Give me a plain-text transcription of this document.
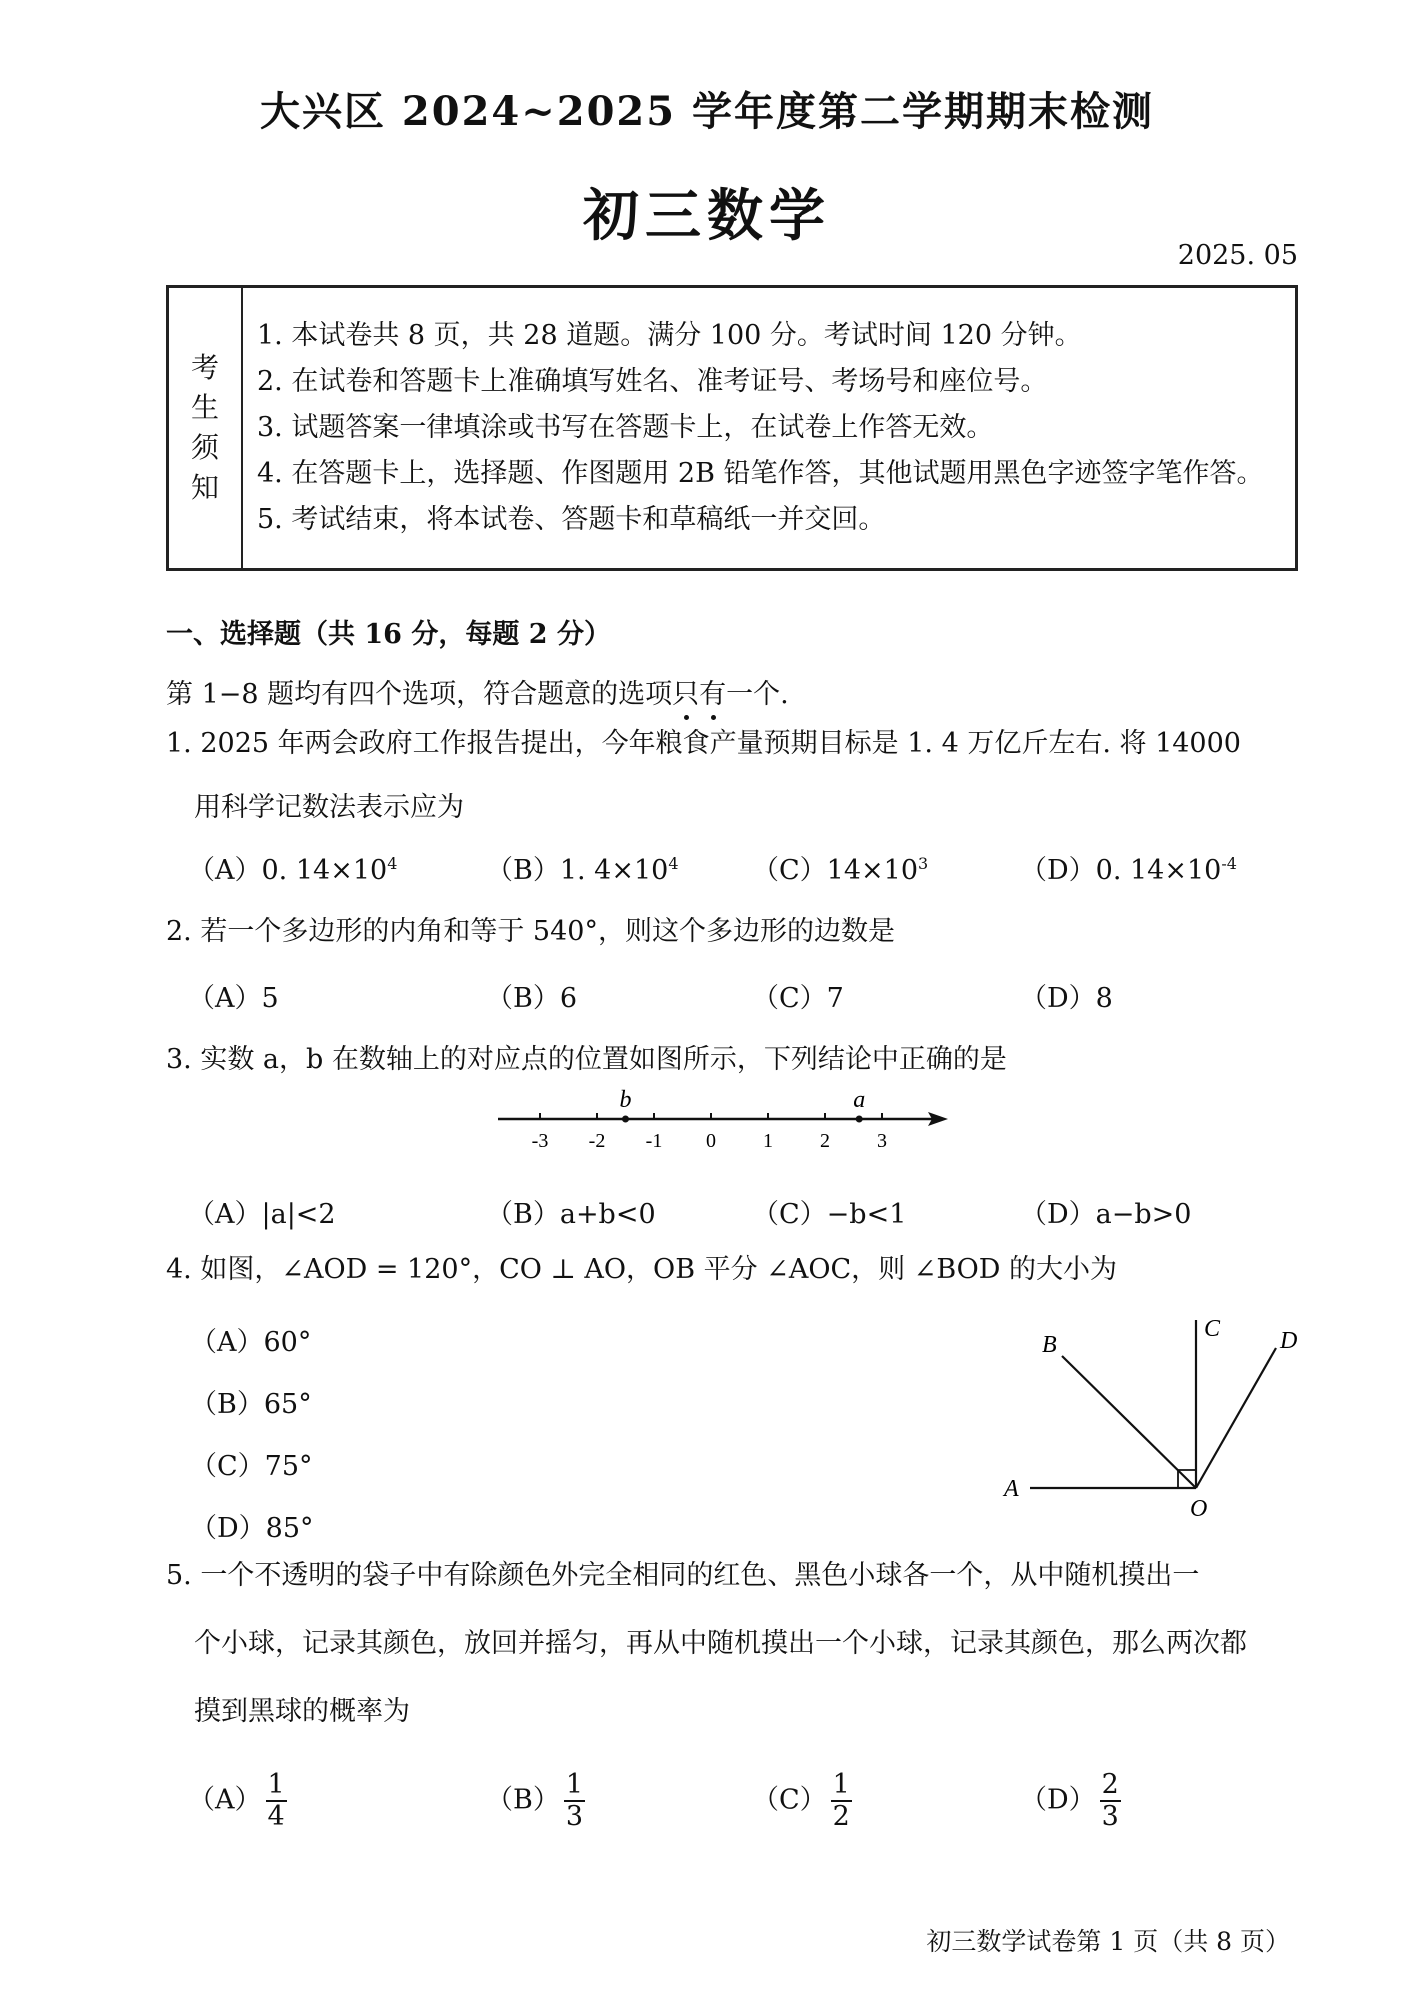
大兴区 2024~2025 学年度第二学期期末检测
初三数学
2025. 05
考
生
须
知
1. 本试卷共 8 页，共 28 道题。满分 100 分。考试时间 120 分钟。
2. 在试卷和答题卡上准确填写姓名、准考证号、考场号和座位号。
3. 试题答案一律填涂或书写在答题卡上，在试卷上作答无效。
4. 在答题卡上，选择题、作图题用 2B 铅笔作答，其他试题用黑色字迹签字笔作答。
5. 考试结束，将本试卷、答题卡和草稿纸一并交回。
一、选择题（共 16 分，每题 2 分）
第 1−8 题均有四个选项，符合题意的选项只有一个.
1. 2025 年两会政府工作报告提出，今年粮食产量预期目标是 1. 4 万亿斤左右. 将 14000
用科学记数法表示应为
（A）0. $14\times 10^4$	（B）1. $4\times 10^4$	$(C)14\times 10^3$	（D）0. $14\times 10^{-4}$
2. 若一个多边形的内角和等于 540°，则这个多边形的边数是
（A）5	（B）6	（C）7	（D）8
3. 实数 a，b 在数轴上的对应点的位置如图所示，下列结论中正确的是
-3 -2 -1 0 1 2 3
b	a
（A）|a|<2	（B）a+b<0	（C）−b<1	（D）a−b>0
4. 如图，∠AOD = 120°，CO ⊥ AO，OB 平分 ∠AOC，则 ∠BOD 的大小为
（A）60°
（B）65°
（C）75°
（D）85°
A
B
C D
O
5. 一个不透明的袋子中有除颜色外完全相同的红色、黑色小球各一个，从中随机摸出一
个小球，记录其颜色，放回并摇匀，再从中随机摸出一个小球，记录其颜色，那么两次都
摸到黑球的概率为
$(A) \frac{1}{4}$	$(B) \frac{1}{3}$	$(C) \frac{1}{2}$	$(D) \frac{2}{3}$
初三数学试卷第 1 页（共 8 页）
